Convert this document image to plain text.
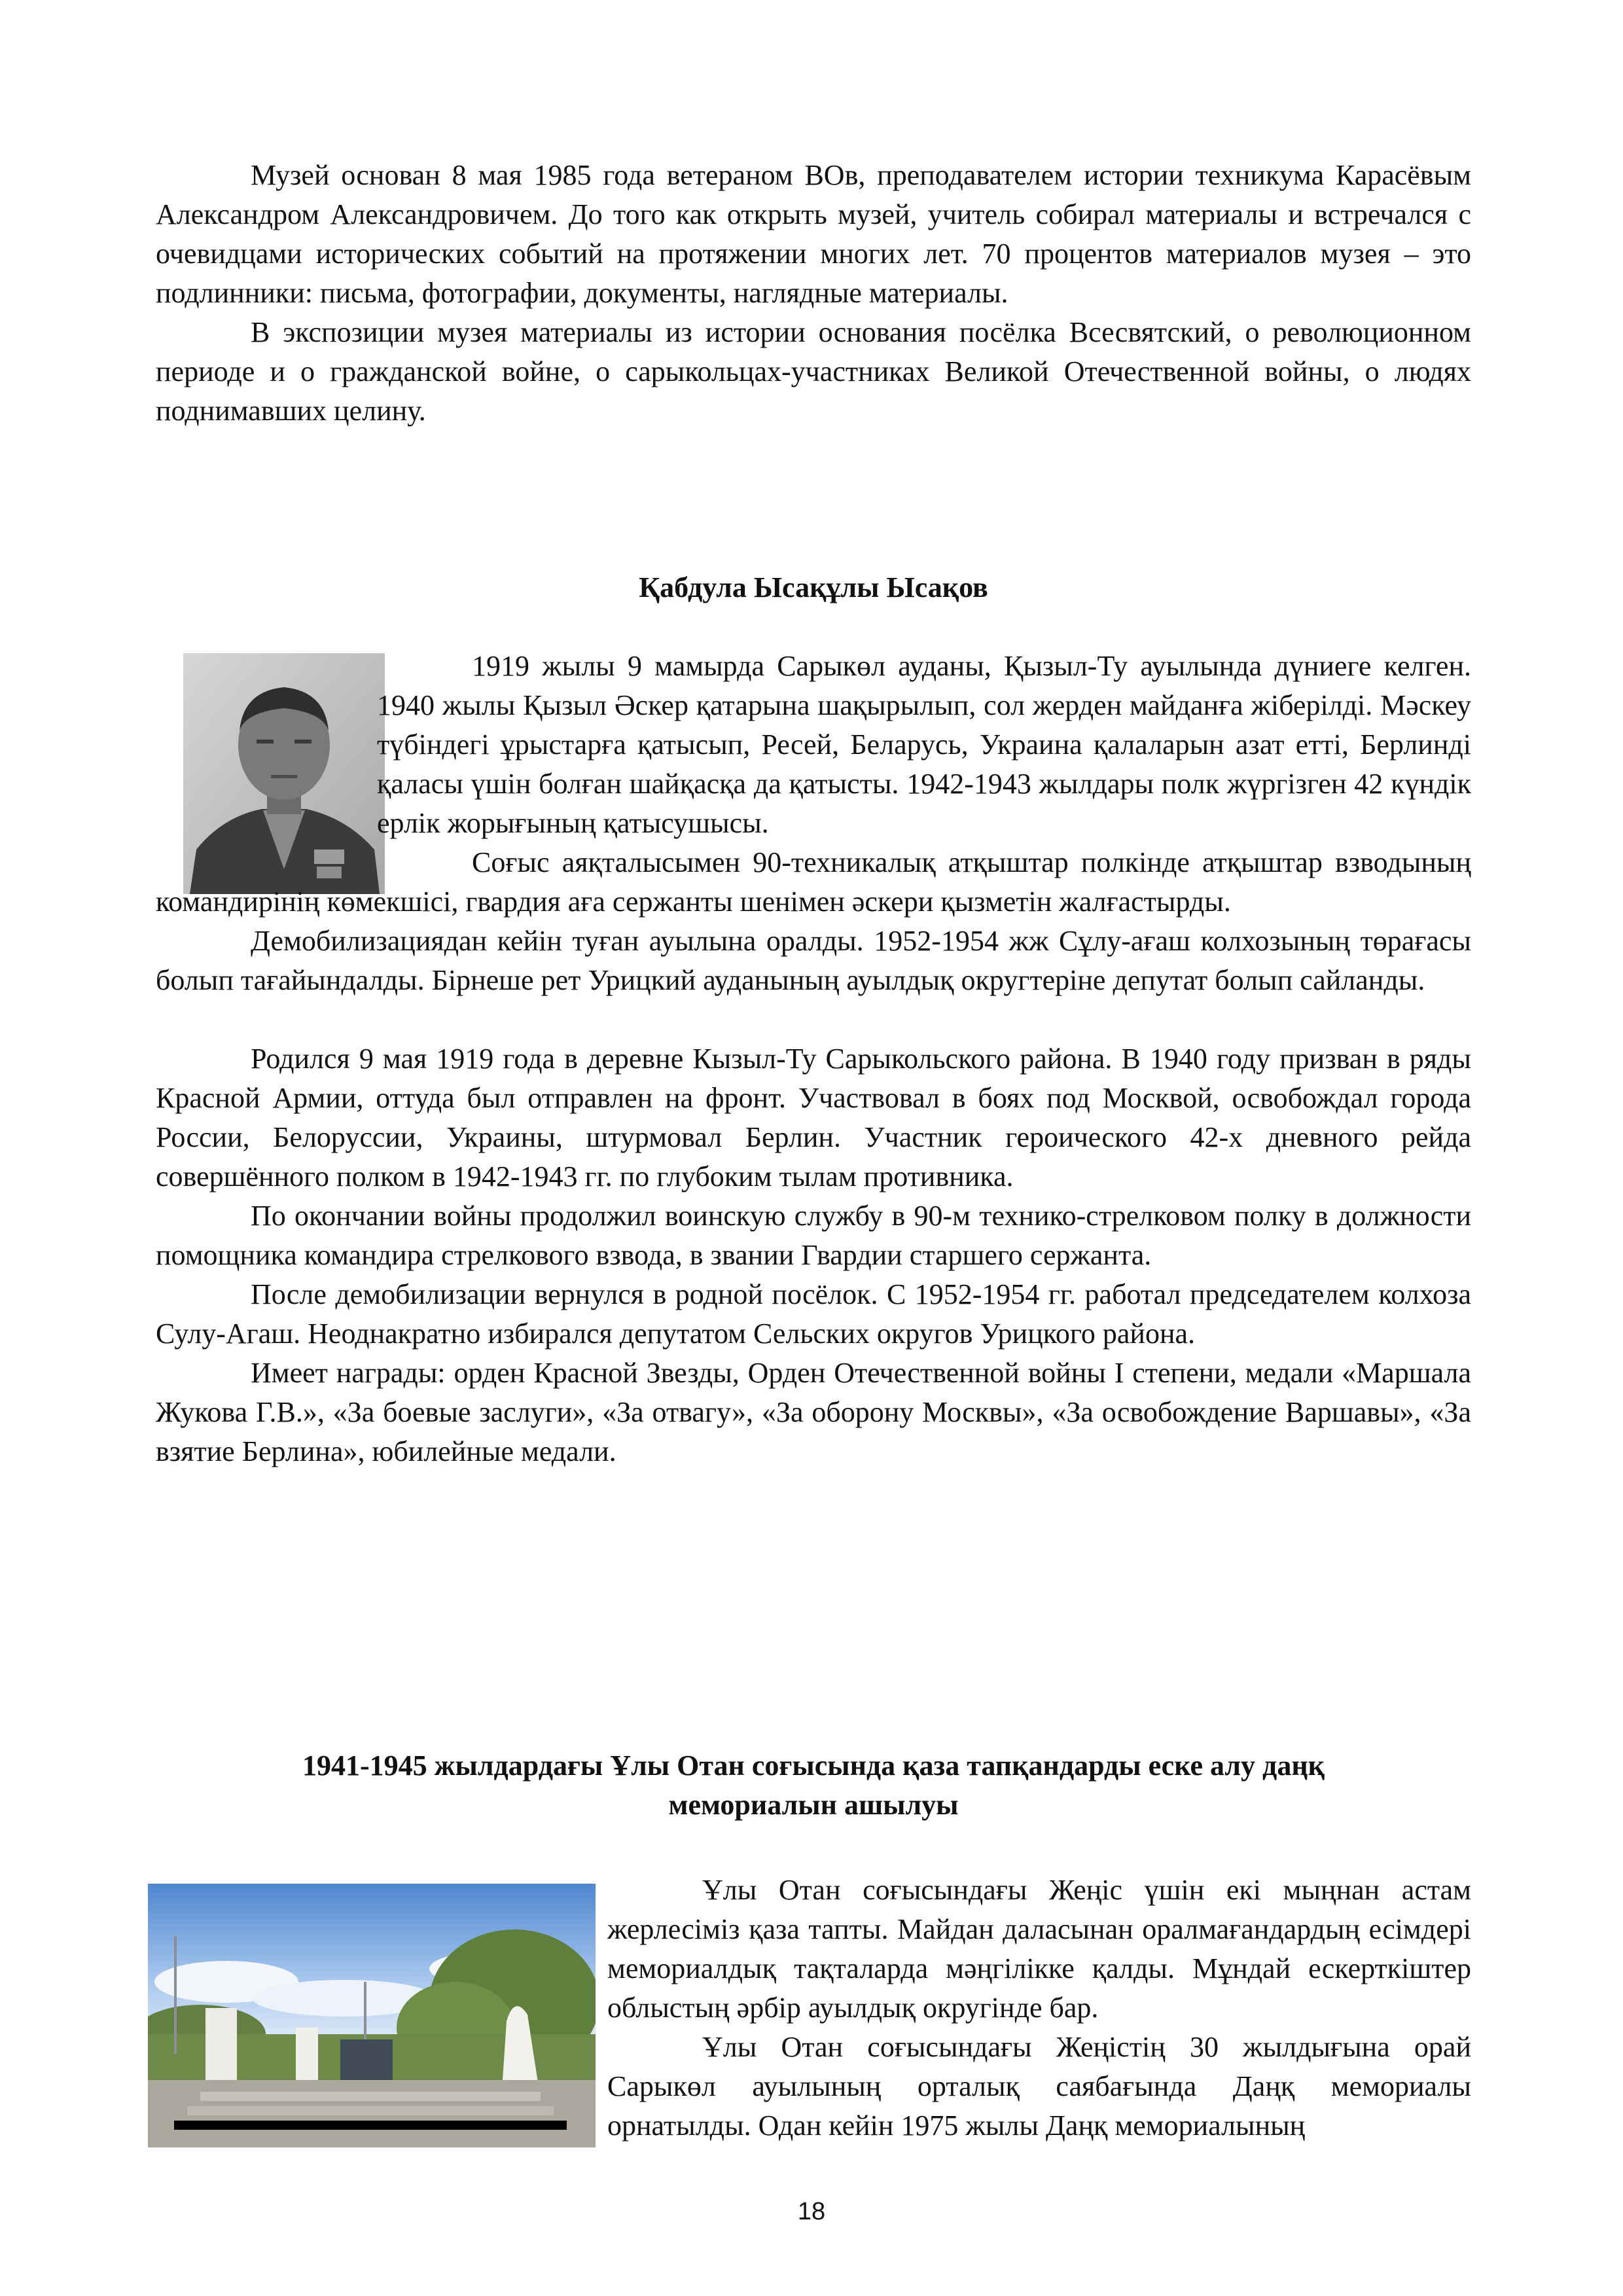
Музей основан 8 мая 1985 года ветераном ВОв, преподавателем истории техникума Карасёвым Александром Александровичем. До того как открыть музей, учитель собирал материалы и встречался с очевидцами исторических событий на протяжении многих лет. 70 процентов материалов музея – это подлинники: письма, фотографии, документы, наглядные материалы.

В экспозиции музея материалы из истории основания посёлка Всесвятский, о революционном периоде и о гражданской войне, о сарыкольцах-участниках Великой Отечественной войны, о людях поднимавших целину.

Қабдула Ысақұлы Ысақов

1919 жылы 9 мамырда Сарыкөл ауданы, Қызыл-Ту ауылында дүниеге келген. 1940 жылы Қызыл Әскер қатарына шақырылып, сол жерден майданға жіберілді. Мәскеу түбіндегі ұрыстарға қатысып, Ресей, Беларусь, Украина қалаларын азат етті, Берлинді қаласы үшін болған шайқасқа да қатысты. 1942-1943 жылдары полк жүргізген 42 күндік ерлік жорығының қатысушысы.

Соғыс аяқталысымен 90-техникалық атқыштар полкінде атқыштар взводының командирінің көмекшісі, гвардия аға сержанты шенімен әскери қызметін жалғастырды.

Демобилизациядан кейін туған ауылына оралды. 1952-1954 жж Сұлу-ағаш колхозының төрағасы болып тағайындалды. Бірнеше рет Урицкий ауданының ауылдық округтеріне депутат болып сайланды.

Родился 9 мая 1919 года в деревне Кызыл-Ту Сарыкольского района. В 1940 году призван в ряды Красной Армии, оттуда был отправлен на фронт. Участвовал в боях под Москвой, освобождал города России, Белоруссии, Украины, штурмовал Берлин. Участник героического 42-х дневного рейда совершённого полком в 1942-1943 гг. по глубоким тылам противника.

По окончании войны продолжил воинскую службу в 90-м технико-стрелковом полку в должности помощника командира стрелкового взвода, в звании Гвардии старшего сержанта.

После демобилизации вернулся в родной посёлок. С 1952-1954 гг. работал председателем колхоза Сулу-Агаш. Неоднакратно избирался депутатом Сельских округов Урицкого района.

Имеет награды: орден Красной Звезды, Орден Отечественной войны I степени, медали «Маршала Жукова Г.В.», «За боевые заслуги», «За отвагу», «За оборону Москвы», «За освобождение Варшавы», «За взятие Берлина», юбилейные медали.

1941-1945 жылдардағы Ұлы Отан соғысында қаза тапқандарды еске алу даңқ
мемориалын ашылуы

Ұлы Отан соғысындағы Жеңіс үшін екі мыңнан астам жерлесіміз қаза тапты. Майдан даласынан оралмағандардың есімдері мемориалдық тақталарда мәңгілікке қалды. Мұндай ескерткіштер облыстың әрбір ауылдық округінде бар.

Ұлы Отан соғысындағы Жеңістің 30 жылдығына орай Сарыкөл ауылының орталық саябағында Даңқ мемориалы орнатылды. Одан кейін 1975 жылы Даңқ мемориалының

18
